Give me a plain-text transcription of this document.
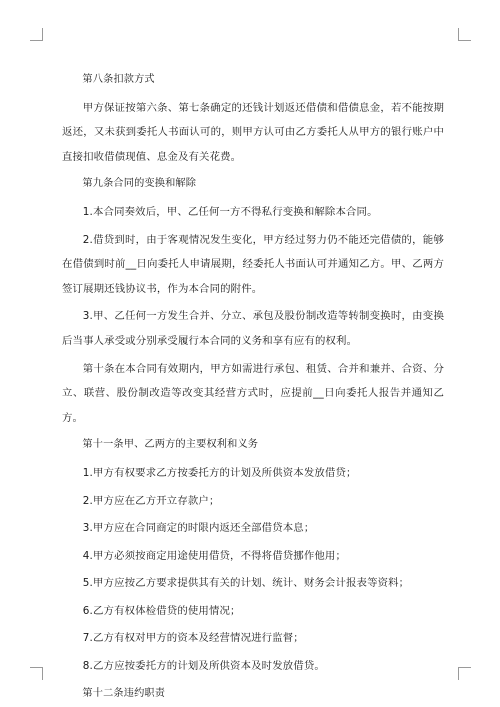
第八条扣款方式

甲方保证按第六条、第七条确定的还钱计划返还借债和借债息金，若不能按期返还，又未获到委托人书面认可的，则甲方认可由乙方委托人从甲方的银行账户中直接扣收借债现值、息金及有关花费。

第九条合同的变换和解除

1.本合同奏效后，甲、乙任何一方不得私行变换和解除本合同。

2.借贷到时，由于客观情况发生变化，甲方经过努力仍不能还完借债的，能够在借债到时前__日向委托人申请展期，经委托人书面认可并通知乙方。甲、乙两方签订展期还钱协议书，作为本合同的附件。

3.甲、乙任何一方发生合并、分立、承包及股份制改造等转制变换时，由变换后当事人承受或分别承受履行本合同的义务和享有应有的权利。

第十条在本合同有效期内，甲方如需进行承包、租赁、合并和兼并、合资、分立、联营、股份制改造等改变其经营方式时，应提前__日向委托人报告并通知乙方。

第十一条甲、乙两方的主要权利和义务

1.甲方有权要求乙方按委托方的计划及所供资本发放借贷；

2.甲方应在乙方开立存款户；

3.甲方应在合同商定的时限内返还全部借贷本息；

4.甲方必须按商定用途使用借贷，不得将借贷挪作他用；

5.甲方应按乙方要求提供其有关的计划、统计、财务会计报表等资料；

6.乙方有权体检借贷的使用情况；

7.乙方有权对甲方的资本及经营情况进行监督；

8.乙方应按委托方的计划及所供资本及时发放借贷。

第十二条违约职责
